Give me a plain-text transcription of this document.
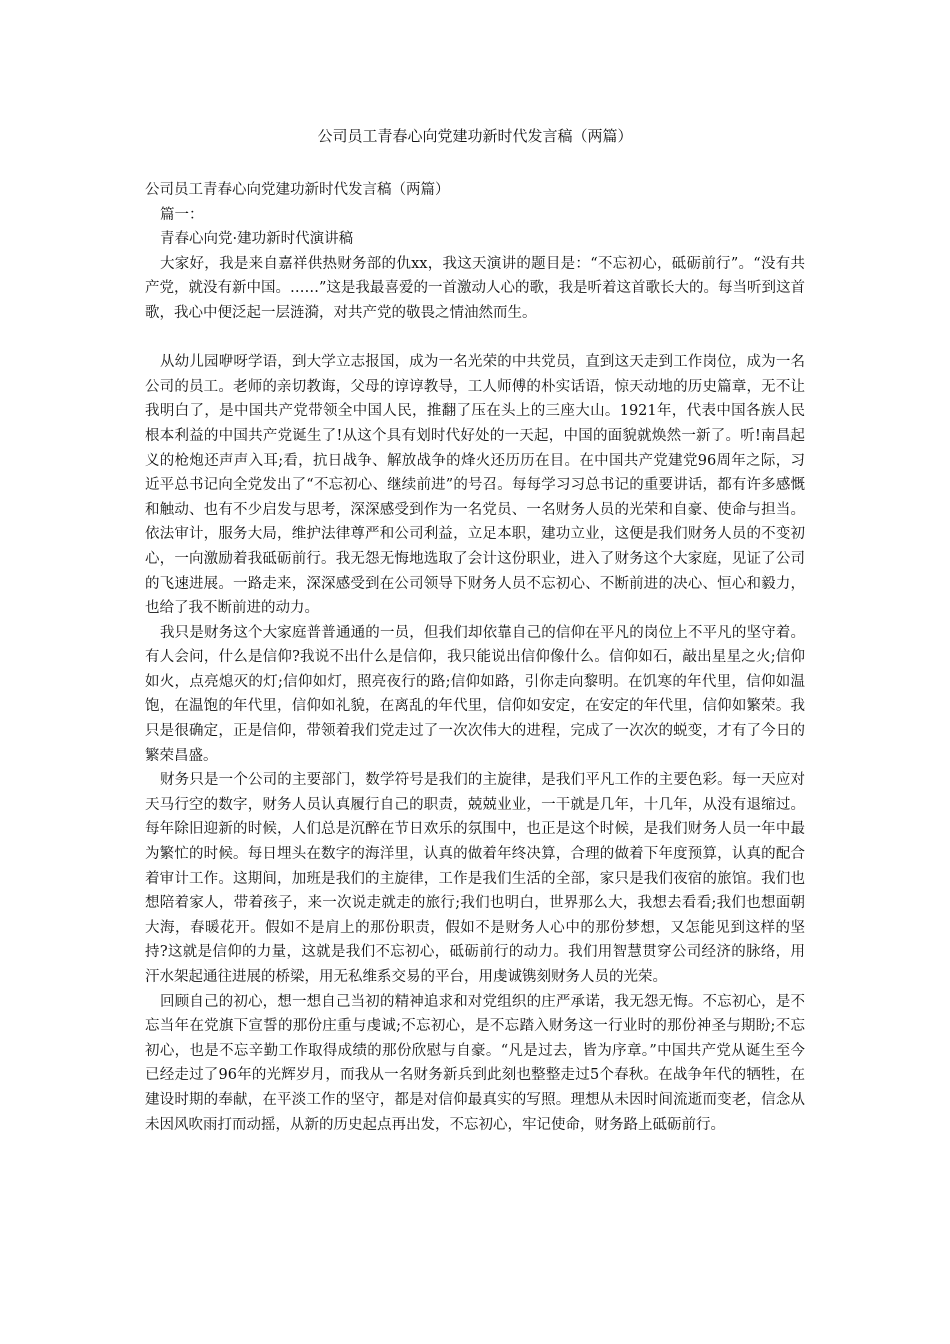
公司员工青春心向党建功新时代发言稿（两篇）

公司员工青春心向党建功新时代发言稿（两篇）

篇一：

青春心向党·建功新时代演讲稿

大家好，我是来自嘉祥供热财务部的仇xx，我这天演讲的题目是：“不忘初心，砥砺前行”。“没有共产党，就没有新中国。……”这是我最喜爱的一首激动人心的歌，我是听着这首歌长大的。每当听到这首歌，我心中便泛起一层涟漪，对共产党的敬畏之情油然而生。

从幼儿园咿呀学语，到大学立志报国，成为一名光荣的中共党员，直到这天走到工作岗位，成为一名公司的员工。老师的亲切教诲，父母的谆谆教导，工人师傅的朴实话语，惊天动地的历史篇章，无不让我明白了，是中国共产党带领全中国人民，推翻了压在头上的三座大山。1921年，代表中国各族人民根本利益的中国共产党诞生了!从这个具有划时代好处的一天起，中国的面貌就焕然一新了。听!南昌起义的枪炮还声声入耳;看，抗日战争、解放战争的烽火还历历在目。在中国共产党建党96周年之际，习近平总书记向全党发出了“不忘初心、继续前进”的号召。每每学习习总书记的重要讲话，都有许多感慨和触动、也有不少启发与思考，深深感受到作为一名党员、一名财务人员的光荣和自豪、使命与担当。依法审计，服务大局，维护法律尊严和公司利益，立足本职，建功立业，这便是我们财务人员的不变初心，一向激励着我砥砺前行。我无怨无悔地选取了会计这份职业，进入了财务这个大家庭，见证了公司的飞速进展。一路走来，深深感受到在公司领导下财务人员不忘初心、不断前进的决心、恒心和毅力，也给了我不断前进的动力。

我只是财务这个大家庭普普通通的一员，但我们却依靠自己的信仰在平凡的岗位上不平凡的坚守着。有人会问，什么是信仰?我说不出什么是信仰，我只能说出信仰像什么。信仰如石，敲出星星之火;信仰如火，点亮熄灭的灯;信仰如灯，照亮夜行的路;信仰如路，引你走向黎明。在饥寒的年代里，信仰如温饱，在温饱的年代里，信仰如礼貌，在离乱的年代里，信仰如安定，在安定的年代里，信仰如繁荣。我只是很确定，正是信仰，带领着我们党走过了一次次伟大的进程，完成了一次次的蜕变，才有了今日的繁荣昌盛。

财务只是一个公司的主要部门，数学符号是我们的主旋律，是我们平凡工作的主要色彩。每一天应对天马行空的数字，财务人员认真履行自己的职责，兢兢业业，一干就是几年，十几年，从没有退缩过。每年除旧迎新的时候，人们总是沉醉在节日欢乐的氛围中，也正是这个时候，是我们财务人员一年中最为繁忙的时候。每日埋头在数字的海洋里，认真的做着年终决算，合理的做着下年度预算，认真的配合着审计工作。这期间，加班是我们的主旋律，工作是我们生活的全部，家只是我们夜宿的旅馆。我们也想陪着家人，带着孩子，来一次说走就走的旅行;我们也明白，世界那么大，我想去看看;我们也想面朝大海，春暖花开。假如不是肩上的那份职责，假如不是财务人心中的那份梦想，又怎能见到这样的坚持?这就是信仰的力量，这就是我们不忘初心，砥砺前行的动力。我们用智慧贯穿公司经济的脉络，用汗水架起通往进展的桥梁，用无私维系交易的平台，用虔诚镌刻财务人员的光荣。

回顾自己的初心，想一想自己当初的精神追求和对党组织的庄严承诺，我无怨无悔。不忘初心，是不忘当年在党旗下宣誓的那份庄重与虔诚;不忘初心，是不忘踏入财务这一行业时的那份神圣与期盼;不忘初心，也是不忘辛勤工作取得成绩的那份欣慰与自豪。“凡是过去，皆为序章。”中国共产党从诞生至今已经走过了96年的光辉岁月，而我从一名财务新兵到此刻也整整走过5个春秋。在战争年代的牺牲，在建设时期的奉献，在平淡工作的坚守，都是对信仰最真实的写照。理想从未因时间流逝而变老，信念从未因风吹雨打而动摇，从新的历史起点再出发，不忘初心，牢记使命，财务路上砥砺前行。
